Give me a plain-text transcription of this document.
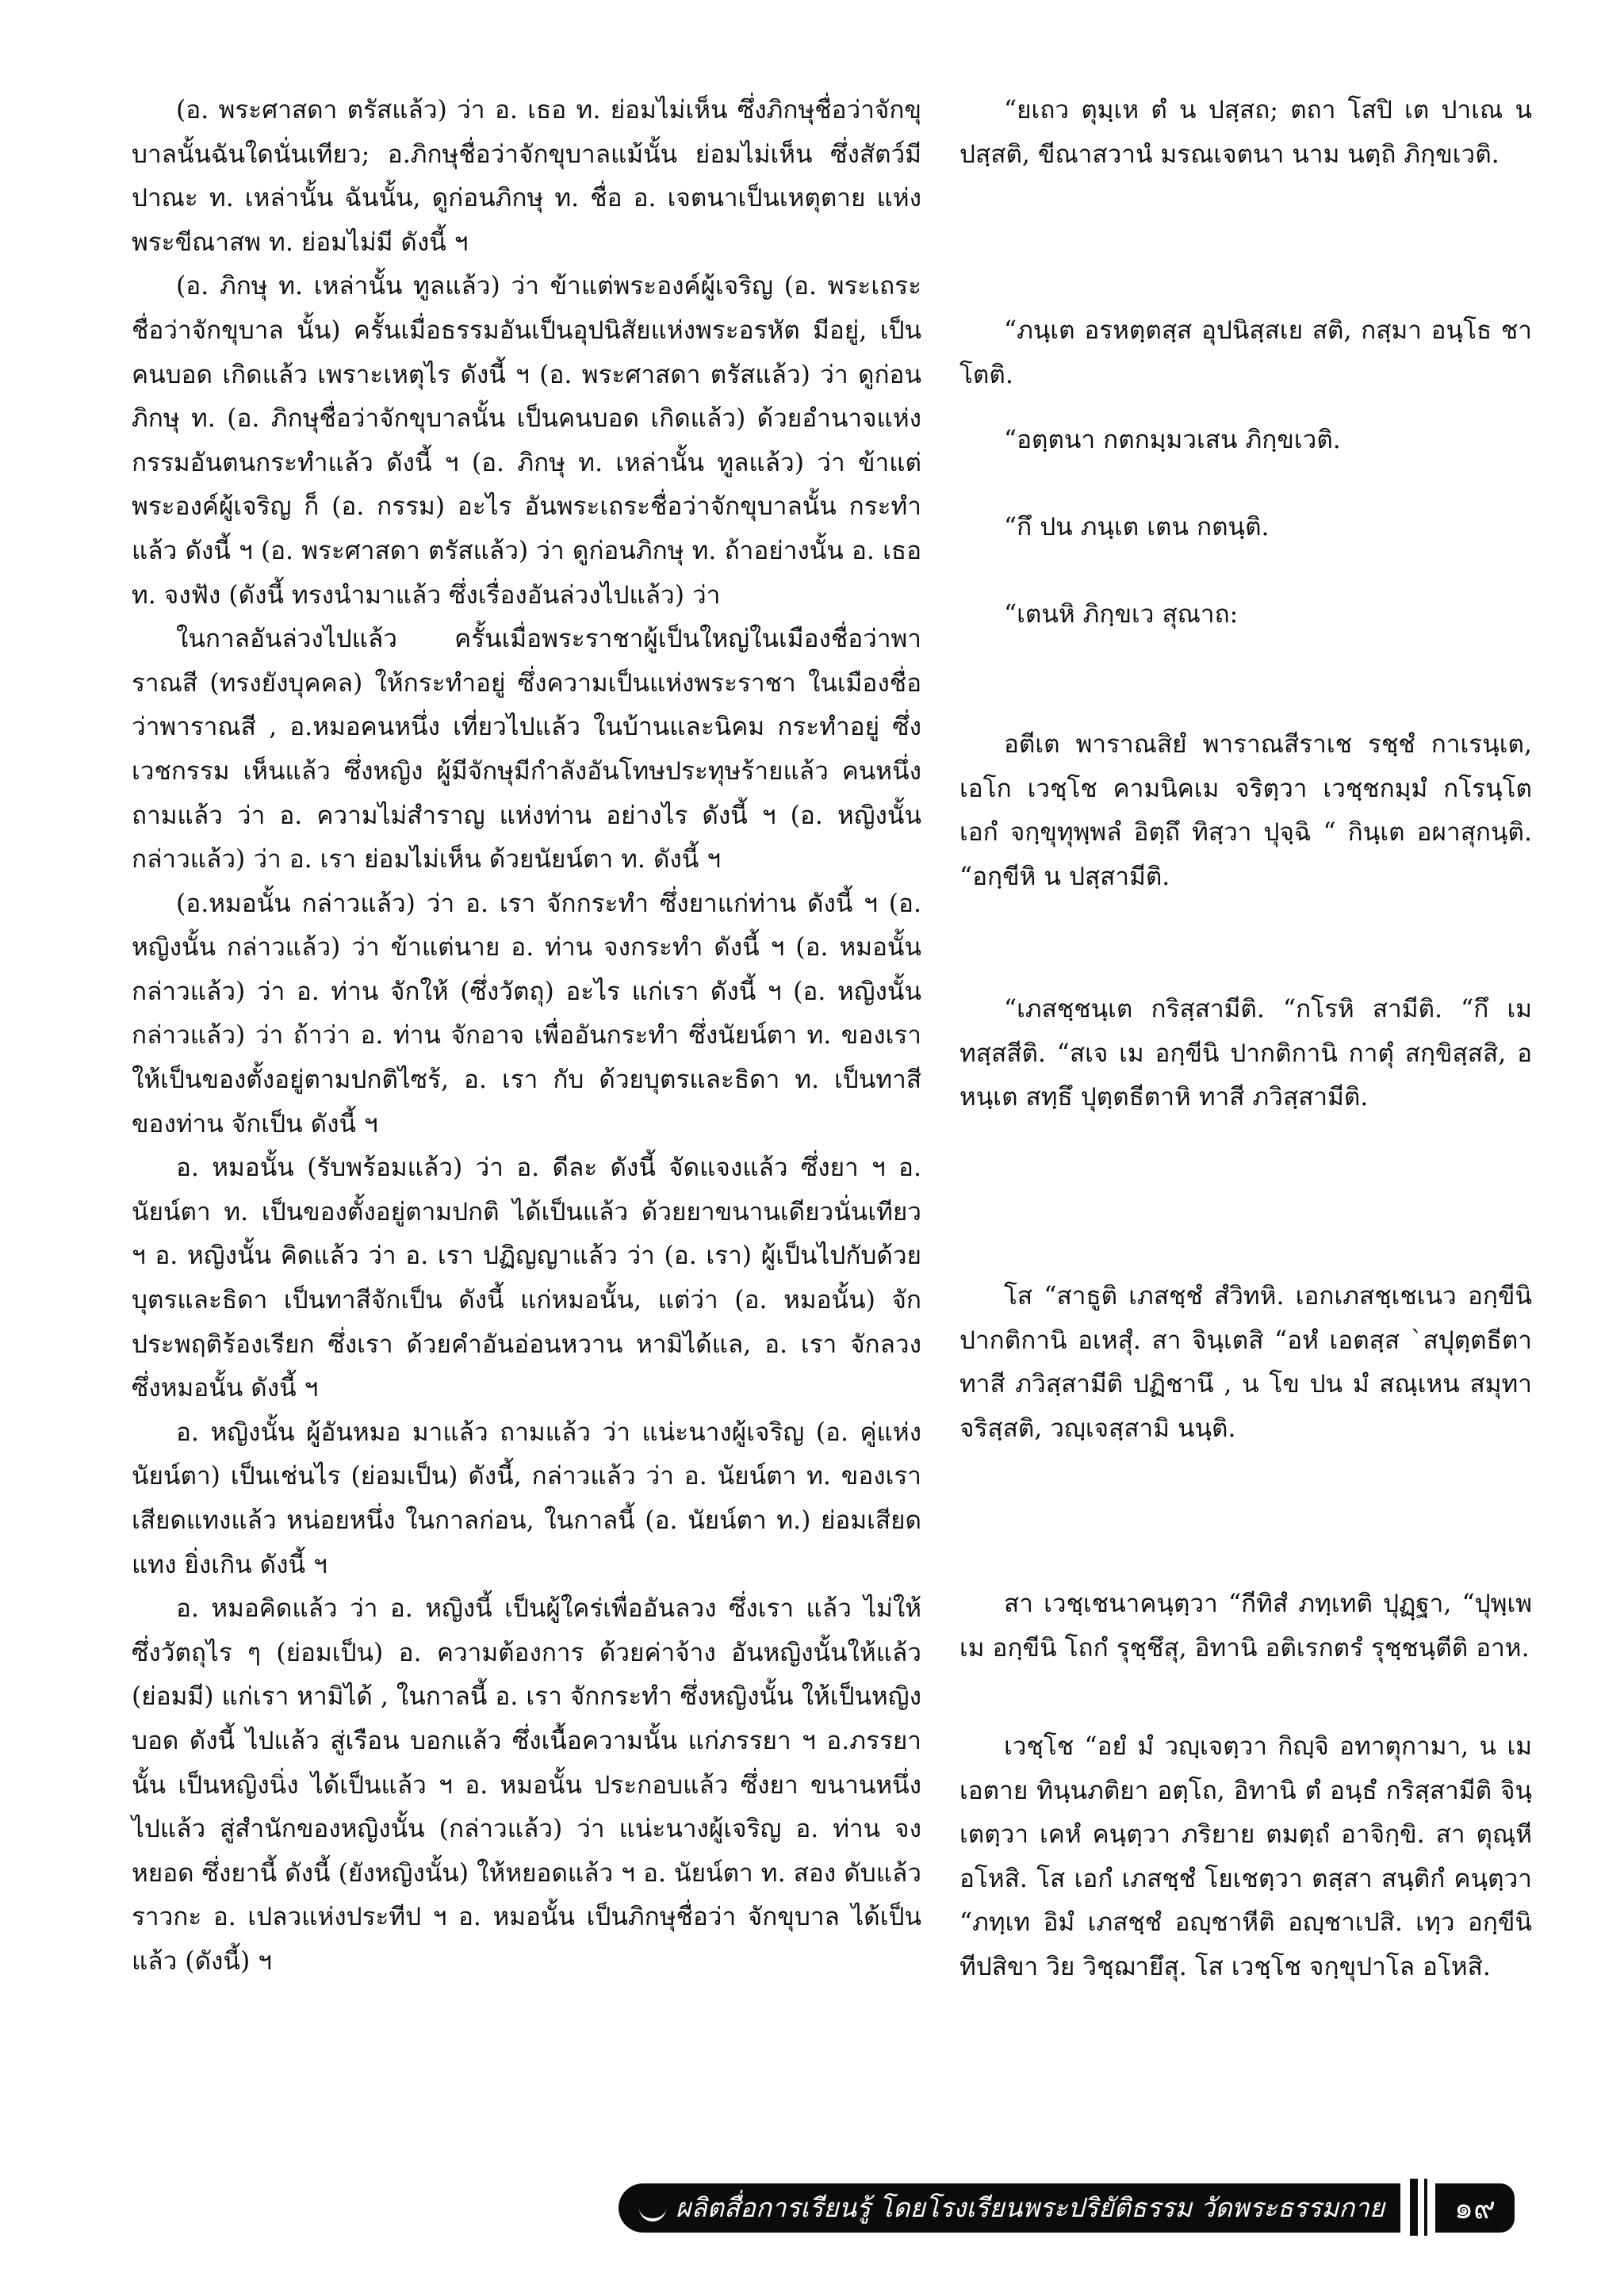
(อ. พระศาสดา ตรัสแล้ว) ว่า อ. เธอ ท. ย่อมไม่เห็น ซึ่งภิกษุชื่อว่าจักขุบาลนั้นฉันใดนั่นเทียว; อ.ภิกษุชื่อว่าจักขุบาลแม้นั้น ย่อมไม่เห็น ซึ่งสัตว์มีปาณะ ท. เหล่านั้น ฉันนั้น, ดูก่อนภิกษุ ท. ชื่อ อ. เจตนาเป็นเหตุตาย แห่งพระขีณาสพ ท. ย่อมไม่มี ดังนี้ ฯ

(อ. ภิกษุ ท. เหล่านั้น ทูลแล้ว) ว่า ข้าแต่พระองค์ผู้เจริญ (อ. พระเถระชื่อว่าจักขุบาล นั้น) ครั้นเมื่อธรรมอันเป็นอุปนิสัยแห่งพระอรหัต มีอยู่, เป็นคนบอด เกิดแล้ว เพราะเหตุไร ดังนี้ ฯ (อ. พระศาสดา ตรัสแล้ว) ว่า ดูก่อนภิกษุ ท. (อ. ภิกษุชื่อว่าจักขุบาลนั้น เป็นคนบอด เกิดแล้ว) ด้วยอำนาจแห่งกรรมอันตนกระทำแล้ว ดังนี้ ฯ (อ. ภิกษุ ท. เหล่านั้น ทูลแล้ว) ว่า ข้าแต่พระองค์ผู้เจริญ ก็ (อ. กรรม) อะไร อันพระเถระชื่อว่าจักขุบาลนั้น กระทำแล้ว ดังนี้ ฯ (อ. พระศาสดา ตรัสแล้ว) ว่า ดูก่อนภิกษุ ท. ถ้าอย่างนั้น อ. เธอ ท. จงฟัง (ดังนี้ ทรงนำมาแล้ว ซึ่งเรื่องอันล่วงไปแล้ว) ว่า

ในกาลอันล่วงไปแล้ว ครั้นเมื่อพระราชาผู้เป็นใหญ่ในเมืองชื่อว่าพาราณสี (ทรงยังบุคคล) ให้กระทำอยู่ ซึ่งความเป็นแห่งพระราชา ในเมืองชื่อว่าพาราณสี , อ.หมอคนหนึ่ง เที่ยวไปแล้ว ในบ้านและนิคม กระทำอยู่ ซึ่งเวชกรรม เห็นแล้ว ซึ่งหญิง ผู้มีจักษุมีกำลังอันโทษประทุษร้ายแล้ว คนหนึ่ง ถามแล้ว ว่า อ. ความไม่สำราญ แห่งท่าน อย่างไร ดังนี้ ฯ (อ. หญิงนั้น กล่าวแล้ว) ว่า อ. เรา ย่อมไม่เห็น ด้วยนัยน์ตา ท. ดังนี้ ฯ

(อ.หมอนั้น กล่าวแล้ว) ว่า อ. เรา จักกระทำ ซึ่งยาแก่ท่าน ดังนี้ ฯ (อ. หญิงนั้น กล่าวแล้ว) ว่า ข้าแต่นาย อ. ท่าน จงกระทำ ดังนี้ ฯ (อ. หมอนั้น กล่าวแล้ว) ว่า อ. ท่าน จักให้ (ซึ่งวัตถุ) อะไร แก่เรา ดังนี้ ฯ (อ. หญิงนั้น กล่าวแล้ว) ว่า ถ้าว่า อ. ท่าน จักอาจ เพื่ออันกระทำ ซึ่งนัยน์ตา ท. ของเรา ให้เป็นของตั้งอยู่ตามปกติไซร้, อ. เรา กับ ด้วยบุตรและธิดา ท. เป็นทาสี ของท่าน จักเป็น ดังนี้ ฯ

อ. หมอนั้น (รับพร้อมแล้ว) ว่า อ. ดีละ ดังนี้ จัดแจงแล้ว ซึ่งยา ฯ อ. นัยน์ตา ท. เป็นของตั้งอยู่ตามปกติ ได้เป็นแล้ว ด้วยยาขนานเดียวนั่นเทียว ฯ อ. หญิงนั้น คิดแล้ว ว่า อ. เรา ปฏิญญาแล้ว ว่า (อ. เรา) ผู้เป็นไปกับด้วยบุตรและธิดา เป็นทาสีจักเป็น ดังนี้ แก่หมอนั้น, แต่ว่า (อ. หมอนั้น) จักประพฤติร้องเรียก ซึ่งเรา ด้วยคำอันอ่อนหวาน หามิได้แล, อ. เรา จักลวง ซึ่งหมอนั้น ดังนี้ ฯ

อ. หญิงนั้น ผู้อันหมอ มาแล้ว ถามแล้ว ว่า แน่ะนางผู้เจริญ (อ. คู่แห่งนัยน์ตา) เป็นเช่นไร (ย่อมเป็น) ดังนี้, กล่าวแล้ว ว่า อ. นัยน์ตา ท. ของเรา เสียดแทงแล้ว หน่อยหนึ่ง ในกาลก่อน, ในกาลนี้ (อ. นัยน์ตา ท.) ย่อมเสียดแทง ยิ่งเกิน ดังนี้ ฯ

อ. หมอคิดแล้ว ว่า อ. หญิงนี้ เป็นผู้ใคร่เพื่ออันลวง ซึ่งเรา แล้ว ไม่ให้ ซึ่งวัตถุไร ๆ (ย่อมเป็น) อ. ความต้องการ ด้วยค่าจ้าง อันหญิงนั้นให้แล้ว (ย่อมมี) แก่เรา หามิได้ , ในกาลนี้ อ. เรา จักกระทำ ซึ่งหญิงนั้น ให้เป็นหญิงบอด ดังนี้ ไปแล้ว สู่เรือน บอกแล้ว ซึ่งเนื้อความนั้น แก่ภรรยา ฯ อ.ภรรยานั้น เป็นหญิงนิ่ง ได้เป็นแล้ว ฯ อ. หมอนั้น ประกอบแล้ว ซึ่งยา ขนานหนึ่ง ไปแล้ว สู่สำนักของหญิงนั้น (กล่าวแล้ว) ว่า แน่ะนางผู้เจริญ อ. ท่าน จงหยอด ซึ่งยานี้ ดังนี้ (ยังหญิงนั้น) ให้หยอดแล้ว ฯ อ. นัยน์ตา ท. สอง ดับแล้ว ราวกะ อ. เปลวแห่งประทีป ฯ อ. หมอนั้น เป็นภิกษุชื่อว่า จักขุบาล ได้เป็นแล้ว (ดังนี้) ฯ

“ยเถว ตุมฺเห ตํ น ปสฺสถ; ตถา โสปิ เต ปาเณ น ปสฺสติ, ขีณาสวานํ มรณเจตนา นาม นตฺถิ ภิกฺขเวติ.

“ภนฺเต อรหตฺตสฺส อุปนิสฺสเย สติ, กสฺมา อนฺโธ ชาโตติ.

“อตฺตนา กตกมฺมวเสน ภิกฺขเวติ.

“กึ ปน ภนฺเต เตน กตนฺติ.

“เตนหิ ภิกฺขเว สุณาถ:

อตีเต พาราณสิยํ พาราณสีราเช รชฺชํ กาเรนฺเต, เอโก เวชฺโช คามนิคเม จริตฺวา เวชฺชกมฺมํ กโรนฺโต เอกํ จกฺขุทุพฺพลํ อิตฺถึ ทิสฺวา ปุจฺฉิ “ กินฺเต อผาสุกนฺติ. “อกฺขีหิ น ปสฺสามีติ.

“เภสชฺชนฺเต กริสฺสามีติ. “กโรหิ สามีติ. “กึ เม ทสฺสสีติ. “สเจ เม อกฺขีนิ ปากติกานิ กาตุํ สกฺขิสฺสสิ, อหนฺเต สทฺธึ ปุตฺตธีตาหิ ทาสี ภวิสฺสามีติ.

โส “สาธูติ เภสชฺชํ สํวิทหิ. เอกเภสชฺเชเนว อกฺขีนิ ปากติกานิ อเหสุํ. สา จินฺเตสิ “อหํ เอตสฺส `สปุตฺตธีตา ทาสี ภวิสฺสามีติ ปฏิชานึ , น โข ปน มํ สณฺเหน สมุทาจริสฺสติ, วญฺเจสฺสามิ นนฺติ.

สา เวชฺเชนาคนฺตฺวา “กีทิสํ ภทฺเทติ ปุฏฺฐา, “ปุพฺเพ เม อกฺขีนิ โถกํ รุชฺชึสุ, อิทานิ อติเรกตรํ รุชฺชนฺตีติ อาห.

เวชฺโช “อยํ มํ วญฺเจตฺวา กิญฺจิ อทาตุกามา, น เม เอตาย ทินฺนภติยา อตฺโถ, อิทานิ ตํ อนฺธํ กริสฺสามีติ จินฺเตตฺวา เคหํ คนฺตฺวา ภริยาย ตมตฺถํ อาจิกฺขิ. สา ตุณฺหี อโหสิ. โส เอกํ เภสชฺชํ โยเชตฺวา ตสฺสา สนฺติกํ คนฺตฺวา “ภทฺเท อิมํ เภสชฺชํ อญฺชาหีติ อญฺชาเปสิ. เทฺว อกฺขีนิ ทีปสิขา วิย วิชฺฌายึสุ. โส เวชฺโช จกฺขุปาโล อโหสิ.

ผลิตสื่อการเรียนรู้ โดยโรงเรียนพระปริยัติธรรม วัดพระธรรมกาย	๑๙
